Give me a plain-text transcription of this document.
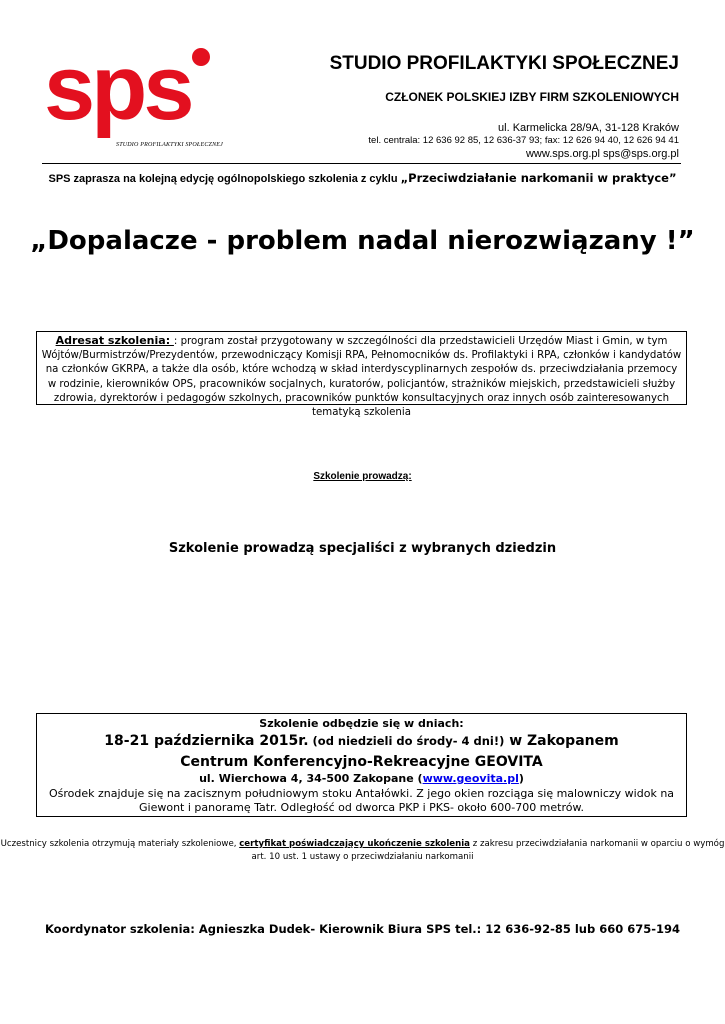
sps
STUDIO PROFILAKTYKI SPOŁECZNEJ
STUDIO PROFILAKTYKI SPOŁECZNEJ
CZŁONEK POLSKIEJ IZBY FIRM SZKOLENIOWYCH
ul. Karmelicka 28/9A, 31-128 Kraków
tel. centrala: 12 636 92 85, 12 636-37 93; fax: 12 626 94 40, 12 626 94 41
www.sps.org.pl sps@sps.org.pl
SPS zaprasza na kolejną edycję ogólnopolskiego szkolenia z cyklu „Przeciwdziałanie narkomanii w praktyce”
„Dopalacze - problem nadal nierozwiązany !”
Adresat szkolenia: : program został przygotowany w szczególności dla przedstawicieli Urzędów Miast i Gmin, w tym Wójtów/Burmistrzów/Prezydentów, przewodniczący Komisji RPA, Pełnomocników ds. Profilaktyki i RPA, członków i kandydatów na członków GKRPA, a także dla osób, które wchodzą w skład interdyscyplinarnych zespołów ds. przeciwdziałania przemocy w rodzinie, kierowników OPS, pracowników socjalnych, kuratorów, policjantów, strażników miejskich, przedstawicieli służby zdrowia, dyrektorów i pedagogów szkolnych, pracowników punktów konsultacyjnych oraz innych osób zainteresowanych tematyką szkolenia
Szkolenie prowadzą:
Szkolenie prowadzą specjaliści z wybranych dziedzin
Szkolenie odbędzie się w dniach:
18-21 października 2015r. (od niedzieli do środy- 4 dni!) w Zakopanem
Centrum Konferencyjno-Rekreacyjne GEOVITA
ul. Wierchowa 4, 34-500 Zakopane (www.geovita.pl)
Ośrodek znajduje się na zacisznym południowym stoku Antałówki. Z jego okien rozciąga się malowniczy widok na Giewont i panoramę Tatr. Odległość od dworca PKP i PKS- około 600-700 metrów.
Uczestnicy szkolenia otrzymują materiały szkoleniowe, certyfikat poświadczający ukończenie szkolenia z zakresu przeciwdziałania narkomanii w oparciu o wymóg art. 10 ust. 1 ustawy o przeciwdziałaniu narkomanii
Koordynator szkolenia: Agnieszka Dudek- Kierownik Biura SPS tel.: 12 636-92-85 lub 660 675-194
